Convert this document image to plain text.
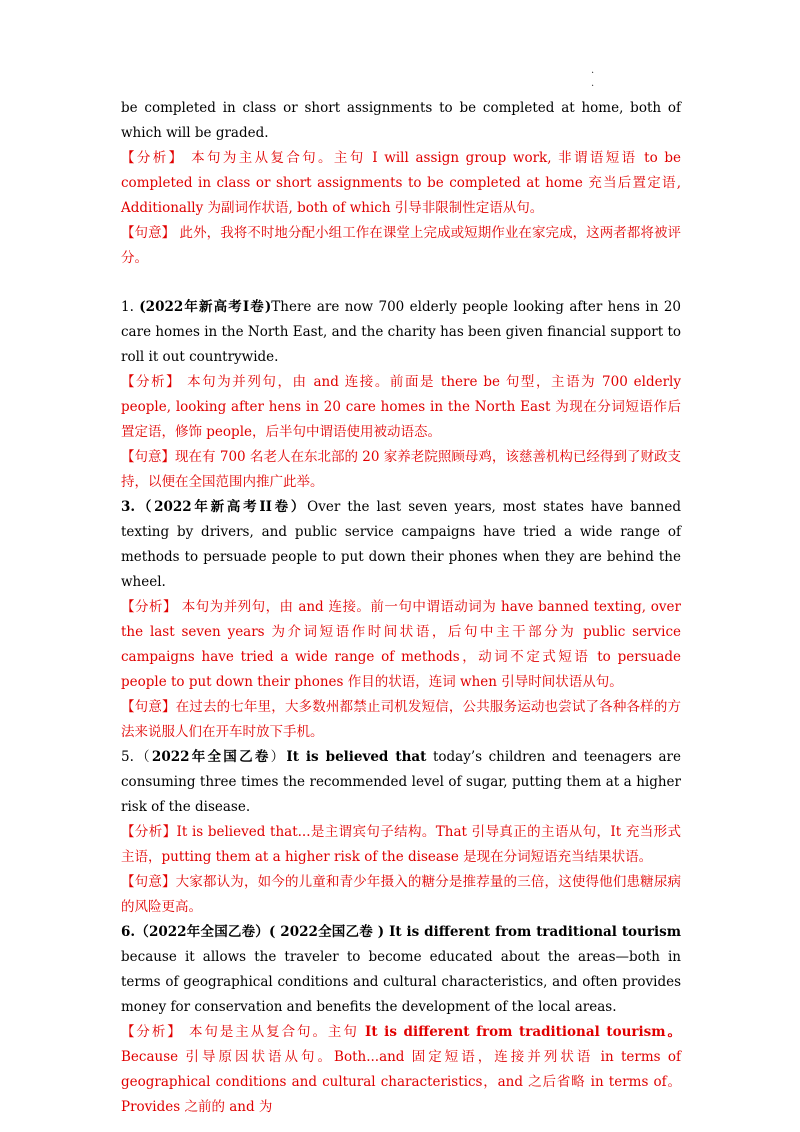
.
.

be completed in class or short assignments to be completed at home, both of which will be graded.

【分析】 本句为主从复合句。主句 I will assign group work, 非谓语短语 to be completed in class or short assignments to be completed at home 充当后置定语, Additionally 为副词作状语, both of which 引导非限制性定语从句。

【句意】 此外，我将不时地分配小组工作在课堂上完成或短期作业在家完成，这两者都将被评分。

1. (2022年新高考I卷)There are now 700 elderly people looking after hens in 20 care homes in the North East, and the charity has been given financial support to roll it out countrywide.

【分析】 本句为并列句，由 and 连接。前面是 there be 句型，主语为 700 elderly people, looking after hens in 20 care homes in the North East 为现在分词短语作后置定语，修饰 people，后半句中谓语使用被动语态。

【句意】现在有 700 名老人在东北部的 20 家养老院照顾母鸡，该慈善机构已经得到了财政支持，以便在全国范围内推广此举。

3.（2022年新高考II卷）Over the last seven years, most states have banned texting by drivers, and public service campaigns have tried a wide range of methods to persuade people to put down their phones when they are behind the wheel.

【分析】 本句为并列句，由 and 连接。前一句中谓语动词为 have banned texting, over the last seven years 为介词短语作时间状语，后句中主干部分为 public service campaigns have tried a wide range of methods，动词不定式短语 to persuade people to put down their phones 作目的状语，连词 when 引导时间状语从句。

【句意】在过去的七年里，大多数州都禁止司机发短信，公共服务运动也尝试了各种各样的方法来说服人们在开车时放下手机。

5.（2022年全国乙卷）It is believed that today’s children and teenagers are consuming three times the recommended level of sugar, putting them at a higher risk of the disease.

【分析】It is believed that...是主谓宾句子结构。That 引导真正的主语从句，It 充当形式主语，putting them at a higher risk of the disease 是现在分词短语充当结果状语。

【句意】大家都认为，如今的儿童和青少年摄入的糖分是推荐量的三倍，这使得他们患糖尿病的风险更高。

6.（2022年全国乙卷）( 2022全国乙卷 ) It is different from traditional tourism because it allows the traveler to become educated about the areas—both in terms of geographical conditions and cultural characteristics, and often provides money for conservation and benefits the development of the local areas.

【分析】 本句是主从复合句。主句 It is different from traditional tourism。 Because 引导原因状语从句。Both...and 固定短语，连接并列状语 in terms of geographical conditions and cultural characteristics，and 之后省略 in terms of。Provides 之前的 and 为
